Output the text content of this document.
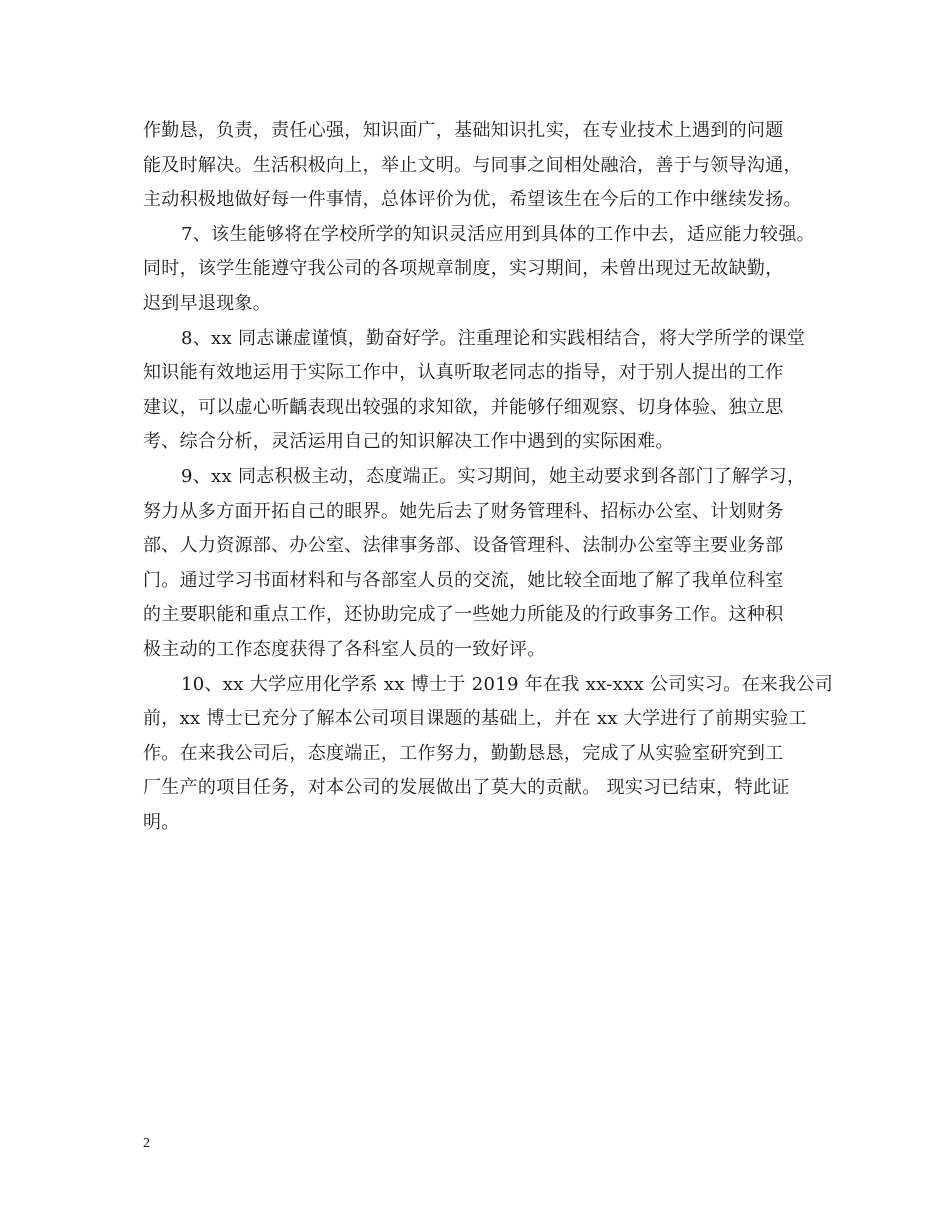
作勤恳，负责，责任心强，知识面广，基础知识扎实，在专业技术上遇到的问题
能及时解决。生活积极向上，举止文明。与同事之间相处融洽，善于与领导沟通，
主动积极地做好每一件事情，总体评价为优，希望该生在今后的工作中继续发扬。

7、该生能够将在学校所学的知识灵活应用到具体的工作中去，适应能力较强。
同时，该学生能遵守我公司的各项规章制度，实习期间，未曾出现过无故缺勤，
迟到早退现象。

8、xx 同志谦虚谨慎，勤奋好学。注重理论和实践相结合，将大学所学的课堂
知识能有效地运用于实际工作中，认真听取老同志的指导，对于别人提出的工作
建议，可以虚心听齲表现出较强的求知欲，并能够仔细观察、切身体验、独立思
考、综合分析，灵活运用自己的知识解决工作中遇到的实际困难。

9、xx 同志积极主动，态度端正。实习期间，她主动要求到各部门了解学习，
努力从多方面开拓自己的眼界。她先后去了财务管理科、招标办公室、计划财务
部、人力资源部、办公室、法律事务部、设备管理科、法制办公室等主要业务部
门。通过学习书面材料和与各部室人员的交流，她比较全面地了解了我单位科室
的主要职能和重点工作，还协助完成了一些她力所能及的行政事务工作。这种积
极主动的工作态度获得了各科室人员的一致好评。

10、xx 大学应用化学系 xx 博士于 2019 年在我 xx-xxx 公司实习。在来我公司
前，xx 博士已充分了解本公司项目课题的基础上，并在 xx 大学进行了前期实验工
作。在来我公司后，态度端正，工作努力，勤勤恳恳，完成了从实验室研究到工
厂生产的项目任务，对本公司的发展做出了莫大的贡献。 现实习已结束，特此证
明。

2
